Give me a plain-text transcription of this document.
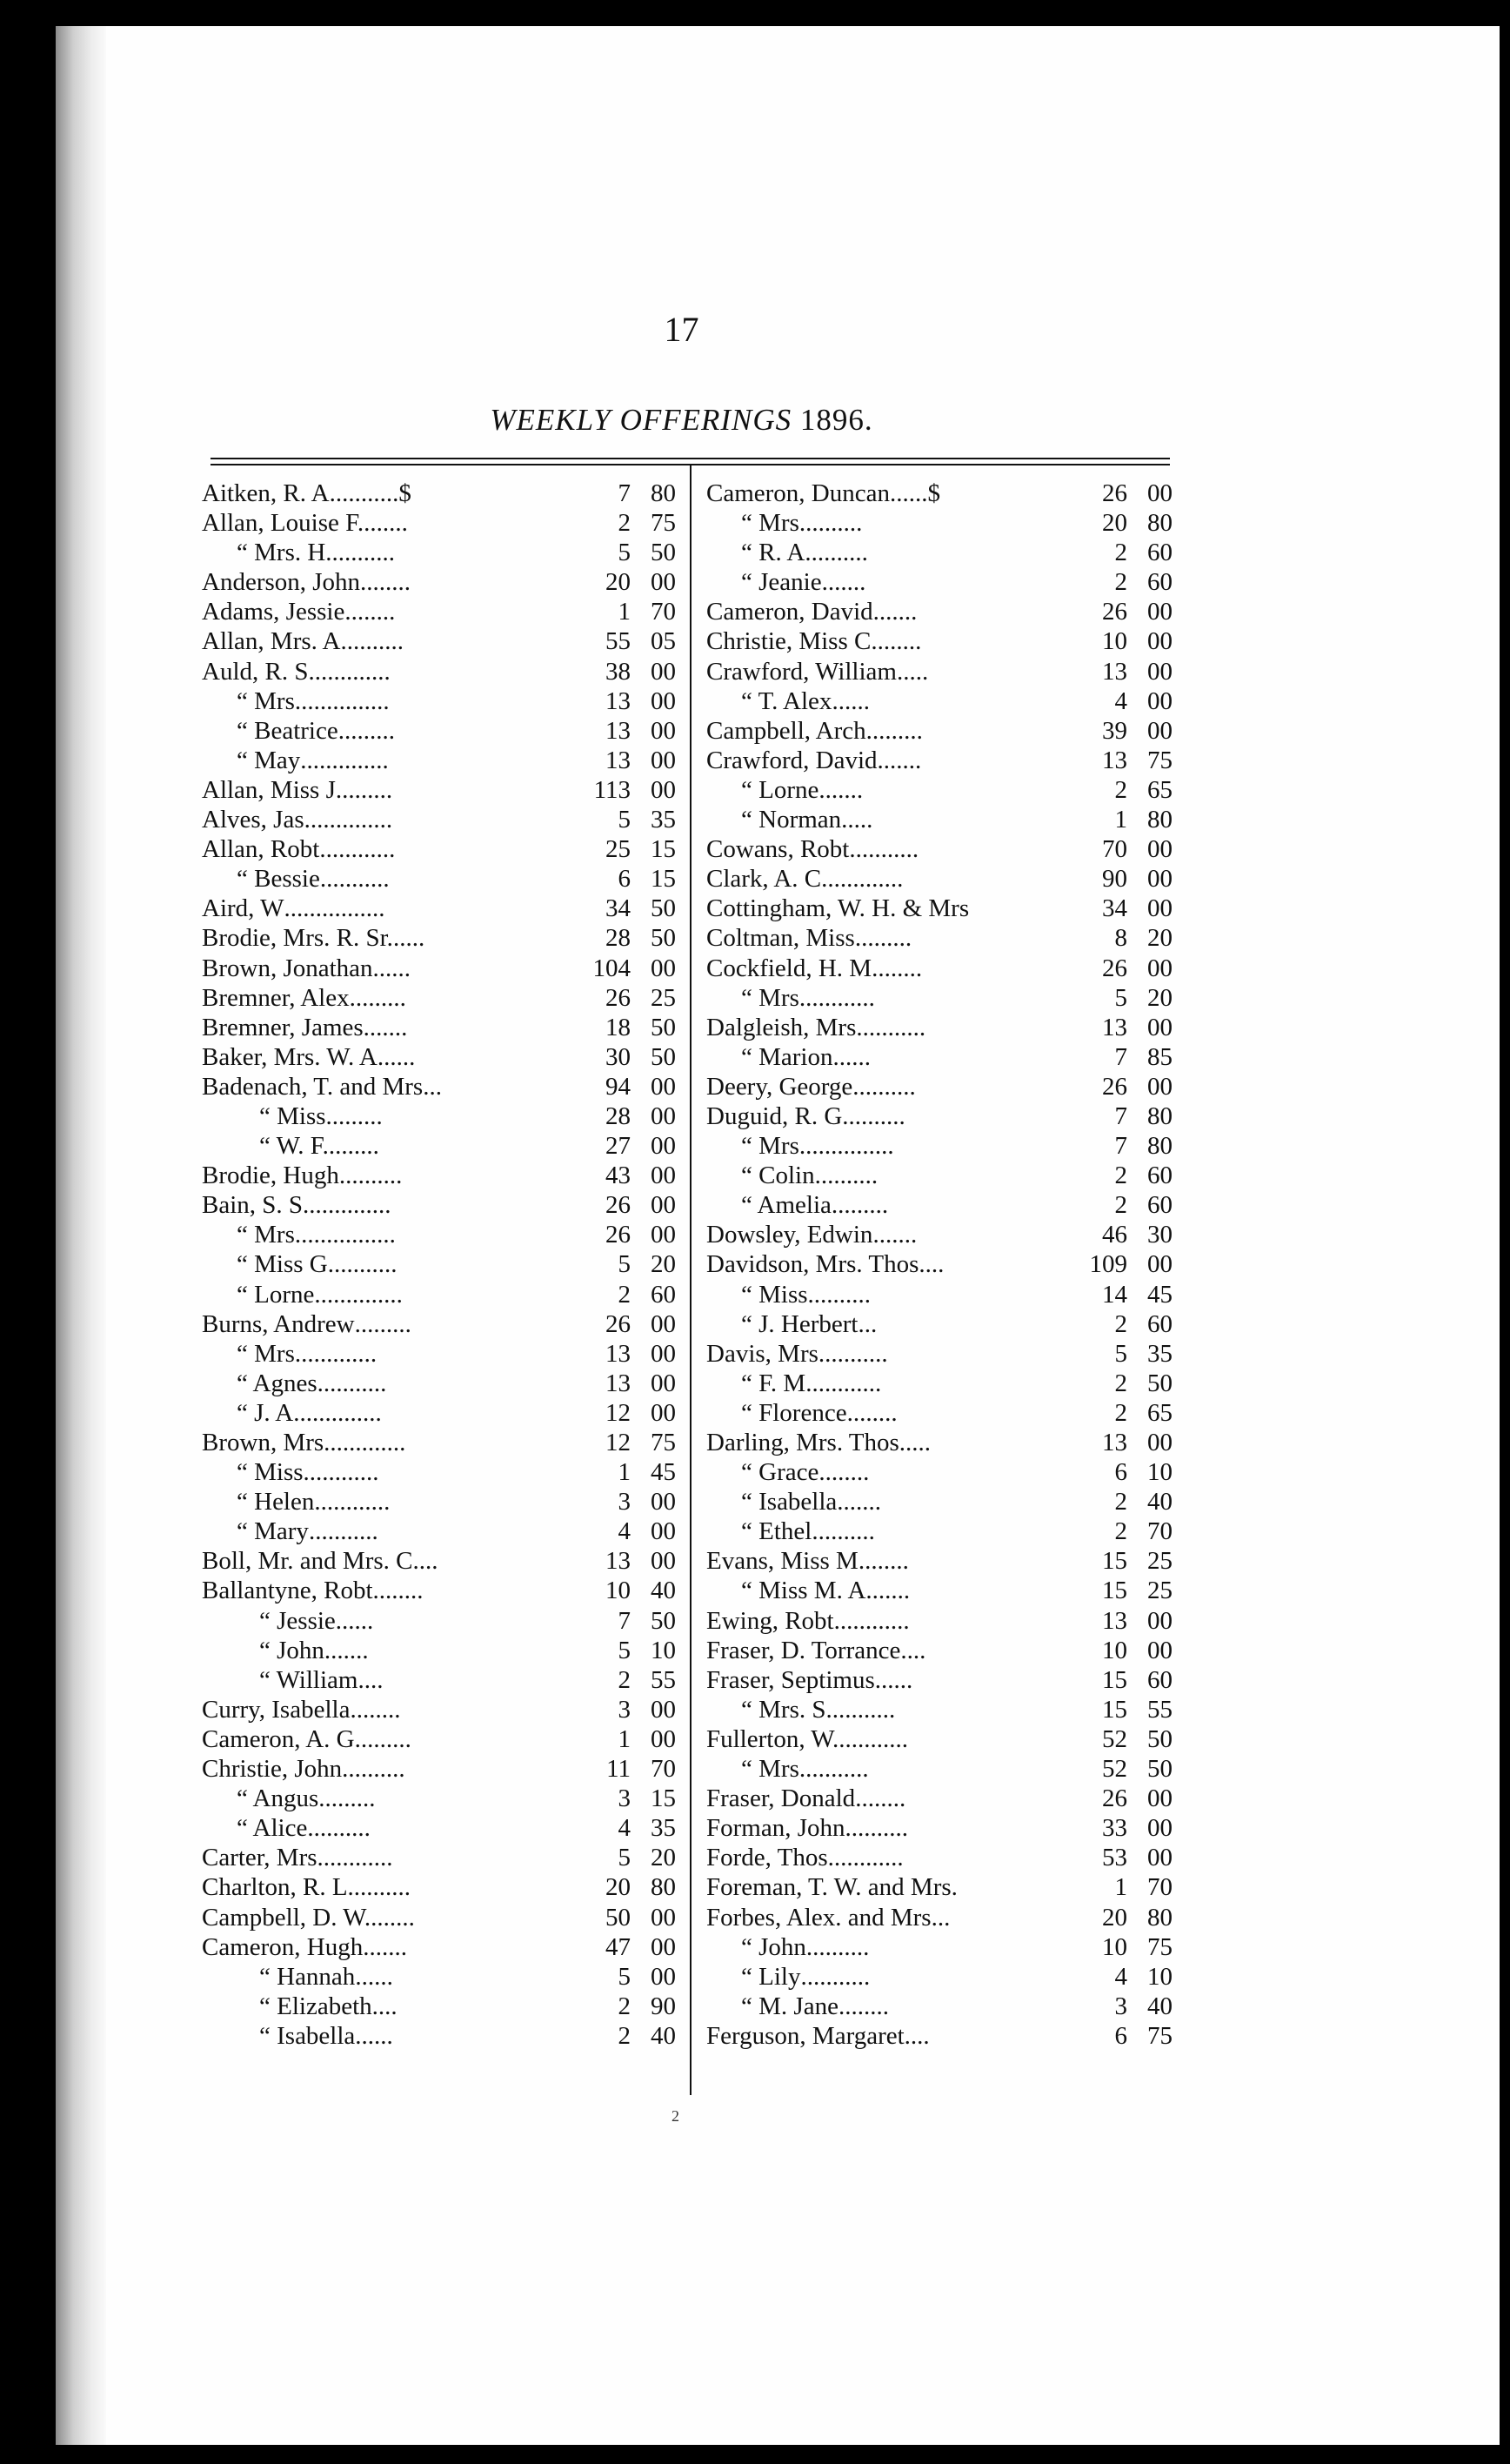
17
WEEKLY OFFERINGS 1896.
Aitken, R. A...........$	7 80
Allan, Louise F........	2 75
“ Mrs. H...........	5 50
Anderson, John........	20 00
Adams, Jessie........	1 70
Allan, Mrs. A..........	55 05
Auld, R. S.............	38 00
“ Mrs...............	13 00
“ Beatrice.........	13 00
“ May..............	13 00
Allan, Miss J.........	113 00
Alves, Jas..............	5 35
Allan, Robt............	25 15
“ Bessie...........	6 15
Aird, W................	34 50
Brodie, Mrs. R. Sr......	28 50
Brown, Jonathan......	104 00
Bremner, Alex.........	26 25
Bremner, James.......	18 50
Baker, Mrs. W. A......	30 50
Badenach, T. and Mrs...	94 00
“ Miss.........	28 00
“ W. F.........	27 00
Brodie, Hugh..........	43 00
Bain, S. S..............	26 00
“ Mrs................	26 00
“ Miss G...........	5 20
“ Lorne..............	2 60
Burns, Andrew.........	26 00
“ Mrs.............	13 00
“ Agnes...........	13 00
“ J. A..............	12 00
Brown, Mrs.............	12 75
“ Miss............	1 45
“ Helen............	3 00
“ Mary...........	4 00
Boll, Mr. and Mrs. C....	13 00
Ballantyne, Robt........	10 40
“ Jessie......	7 50
“ John.......	5 10
“ William....	2 55
Curry, Isabella........	3 00
Cameron, A. G.........	1 00
Christie, John..........	11 70
“ Angus.........	3 15
“ Alice..........	4 35
Carter, Mrs............	5 20
Charlton, R. L..........	20 80
Campbell, D. W........	50 00
Cameron, Hugh.......	47 00
“ Hannah......	5 00
“ Elizabeth....	2 90
“ Isabella......	2 40
Cameron, Duncan......$	26 00
“ Mrs..........	20 80
“ R. A..........	2 60
“ Jeanie.......	2 60
Cameron, David.......	26 00
Christie, Miss C........	10 00
Crawford, William.....	13 00
“ T. Alex......	4 00
Campbell, Arch.........	39 00
Crawford, David.......	13 75
“ Lorne.......	2 65
“ Norman.....	1 80
Cowans, Robt...........	70 00
Clark, A. C.............	90 00
Cottingham, W. H. & Mrs	34 00
Coltman, Miss.........	8 20
Cockfield, H. M........	26 00
“ Mrs............	5 20
Dalgleish, Mrs...........	13 00
“ Marion......	7 85
Deery, George..........	26 00
Duguid, R. G..........	7 80
“ Mrs...............	7 80
“ Colin..........	2 60
“ Amelia.........	2 60
Dowsley, Edwin.......	46 30
Davidson, Mrs. Thos....	109 00
“ Miss..........	14 45
“ J. Herbert...	2 60
Davis, Mrs...........	5 35
“ F. M............	2 50
“ Florence........	2 65
Darling, Mrs. Thos.....	13 00
“ Grace........	6 10
“ Isabella.......	2 40
“ Ethel..........	2 70
Evans, Miss M........	15 25
“ Miss M. A.......	15 25
Ewing, Robt............	13 00
Fraser, D. Torrance....	10 00
Fraser, Septimus......	15 60
“ Mrs. S...........	15 55
Fullerton, W............	52 50
“ Mrs...........	52 50
Fraser, Donald........	26 00
Forman, John..........	33 00
Forde, Thos............	53 00
Foreman, T. W. and Mrs.	1 70
Forbes, Alex. and Mrs...	20 80
“ John..........	10 75
“ Lily...........	4 10
“ M. Jane........	3 40
Ferguson, Margaret....	6 75
2
